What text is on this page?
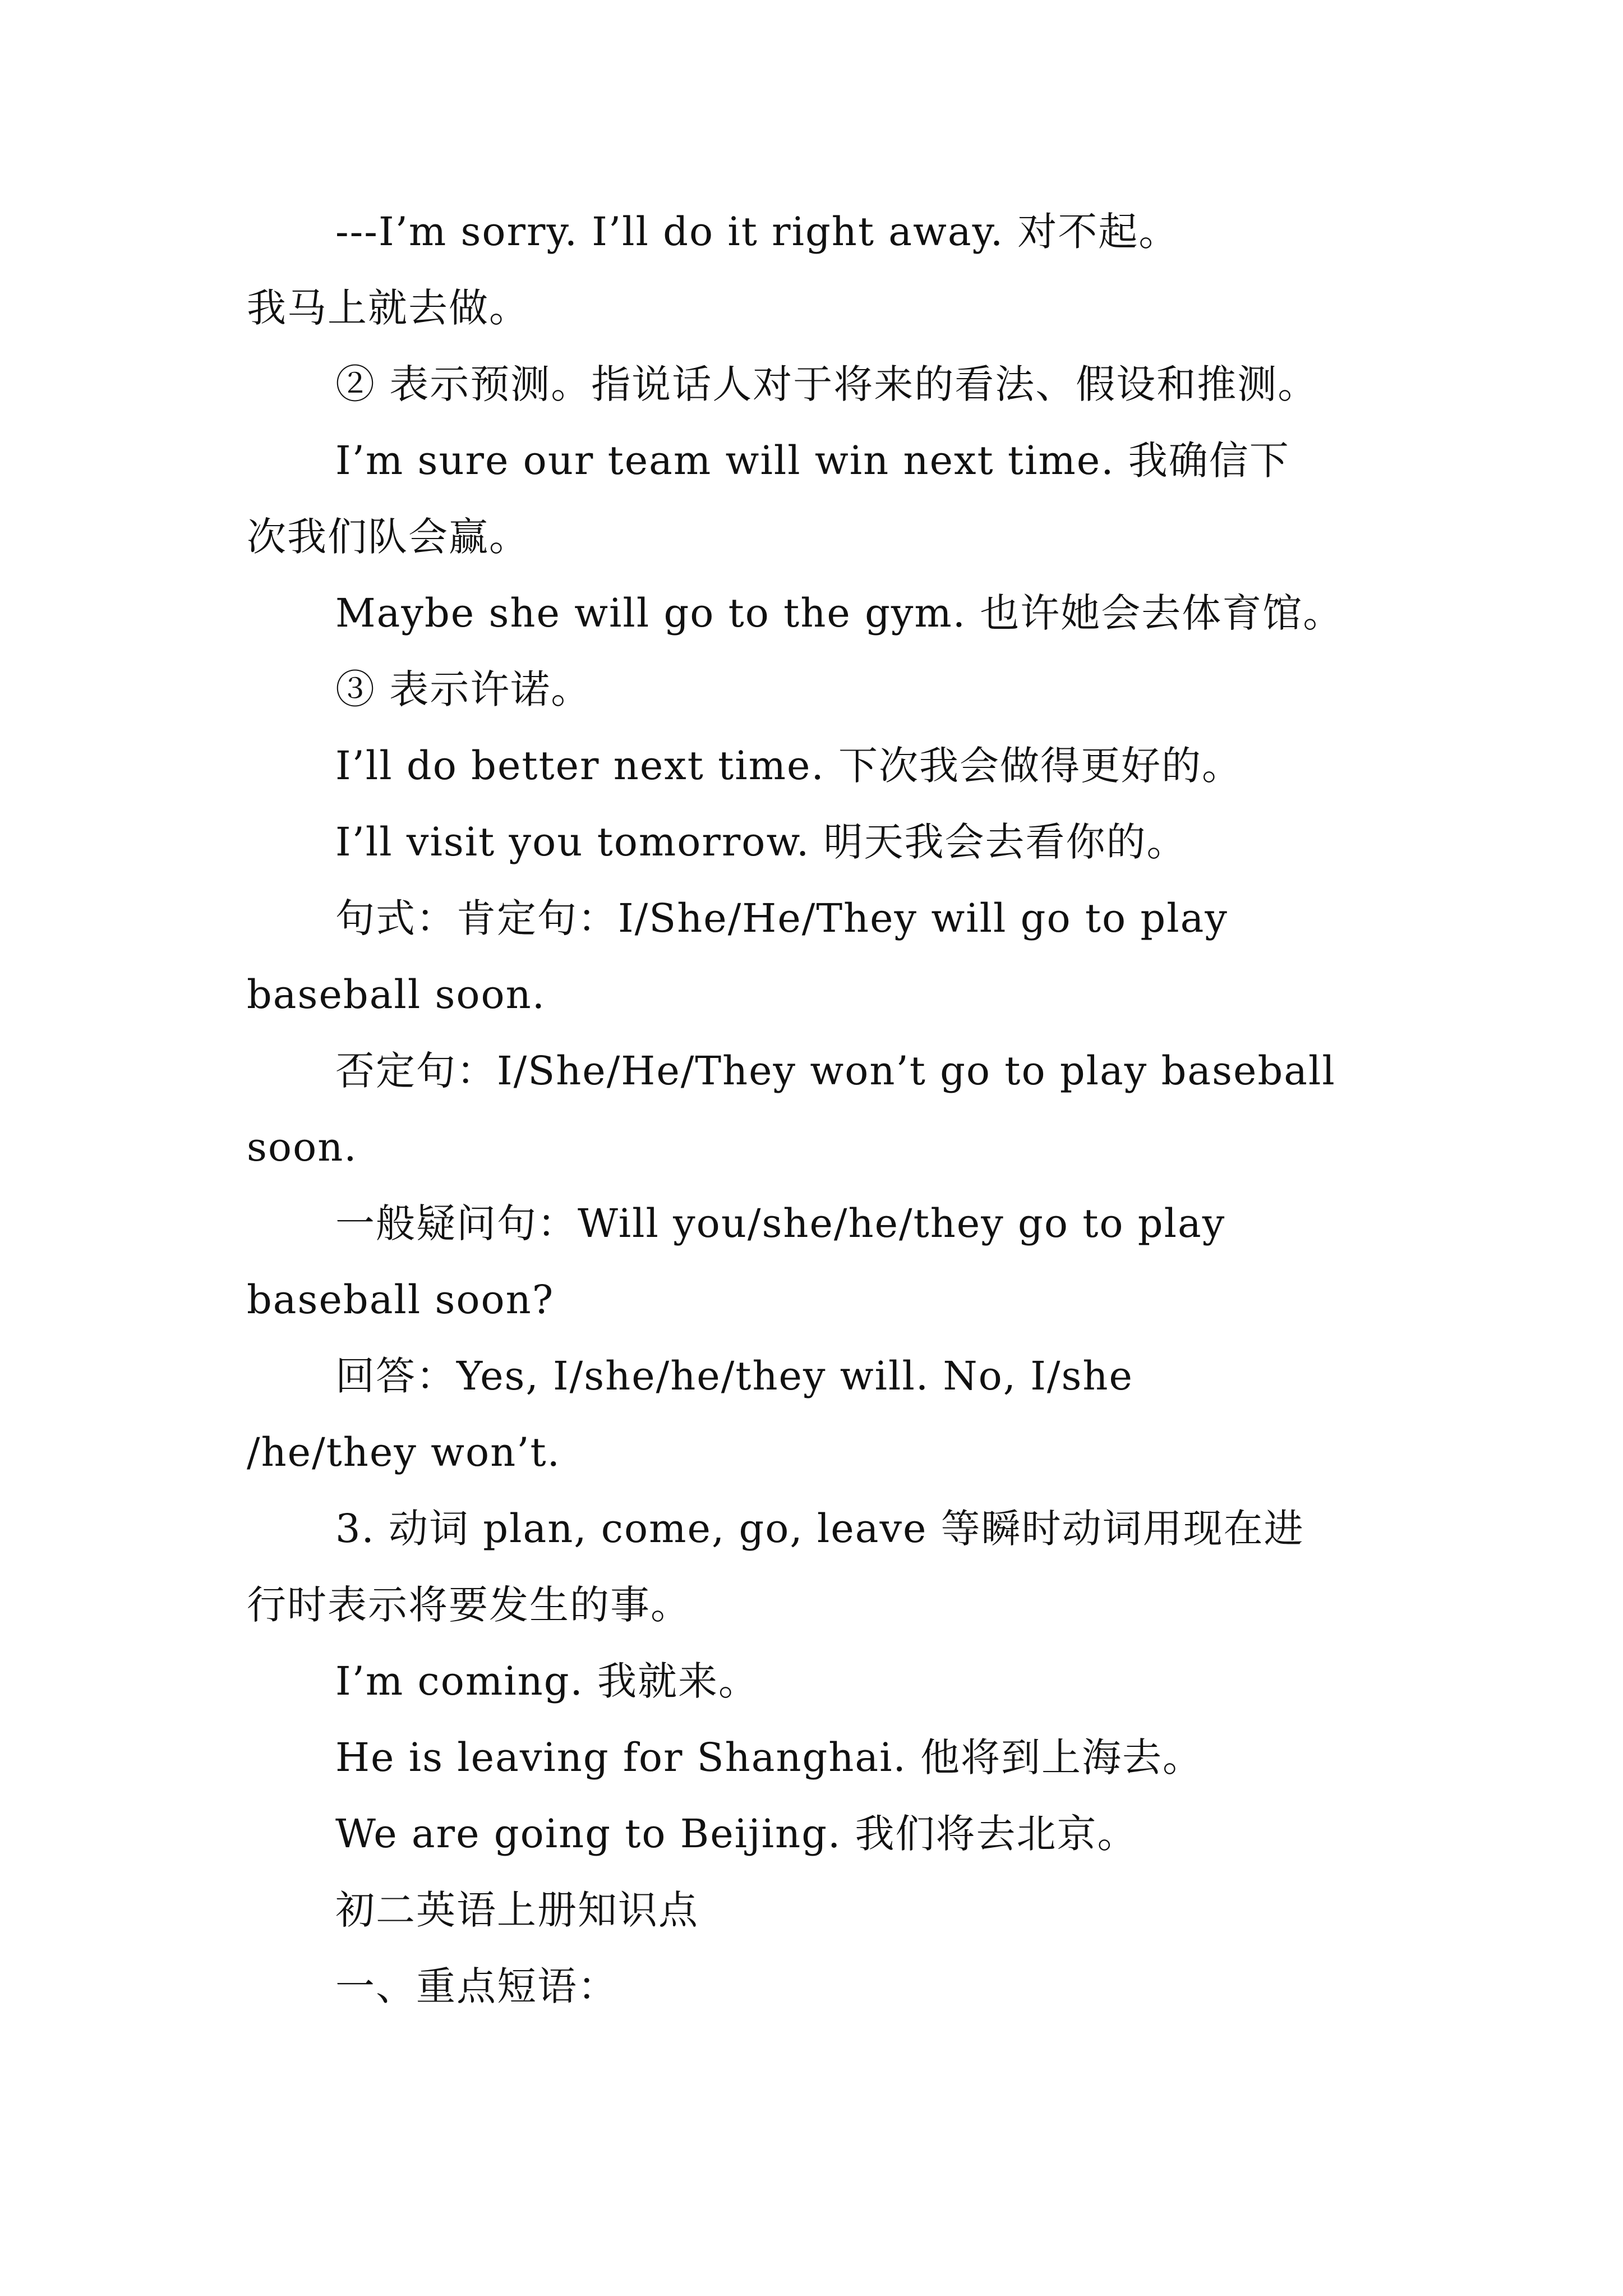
---I’m sorry. I’ll do it right away. 对不起。
我马上就去做。
② 表示预测。指说话人对于将来的看法、假设和推测。
I’m sure our team will win next time. 我确信下
次我们队会赢。
Maybe she will go to the gym. 也许她会去体育馆。
③ 表示许诺。
I’ll do better next time. 下次我会做得更好的。
I’ll visit you tomorrow. 明天我会去看你的。
句式：肯定句：I/She/He/They will go to play
baseball soon.
否定句：I/She/He/They won’t go to play baseball
soon.
一般疑问句：Will you/she/he/they go to play
baseball soon?
回答：Yes, I/she/he/they will. No, I/she
/he/they won’t.
3. 动词 plan, come, go, leave 等瞬时动词用现在进
行时表示将要发生的事。
I’m coming. 我就来。
He is leaving for Shanghai. 他将到上海去。
We are going to Beijing. 我们将去北京。
初二英语上册知识点
一、重点短语：
